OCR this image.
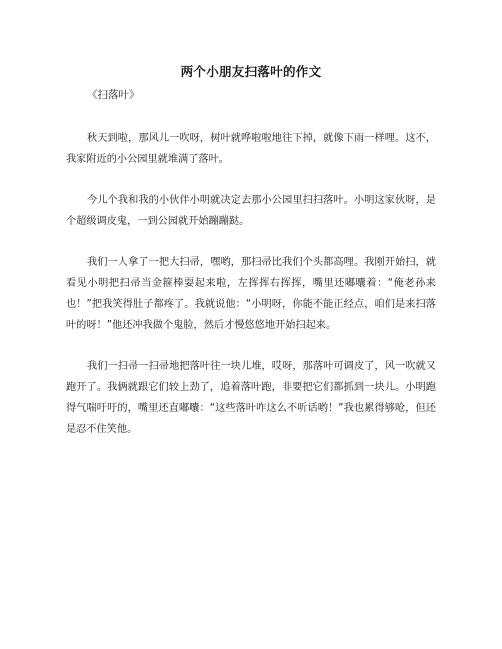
两个小朋友扫落叶的作文
《扫落叶》

秋天到啦，那风儿一吹呀，树叶就哗啦啦地往下掉，就像下雨一样哩。这不，我家附近的小公园里就堆满了落叶。

今儿个我和我的小伙伴小明就决定去那小公园里扫扫落叶。小明这家伙呀，是个超级调皮鬼，一到公园就开始蹦蹦跶。

我们一人拿了一把大扫帚，嘿哟，那扫帚比我们个头都高哩。我刚开始扫，就看见小明把扫帚当金箍棒耍起来啦，左挥挥右挥挥，嘴里还嘟囔着：“俺老孙来也！”把我笑得肚子都疼了。我就说他：“小明呀，你能不能正经点，咱们是来扫落叶的呀！”他还冲我做个鬼脸，然后才慢悠悠地开始扫起来。

我们一扫帚一扫帚地把落叶往一块儿堆，哎呀，那落叶可调皮了，风一吹就又跑开了。我俩就跟它们较上劲了，追着落叶跑，非要把它们都抓到一块儿。小明跑得气喘吁吁的，嘴里还直嘟囔：“这些落叶咋这么不听话哟！”我也累得够呛，但还是忍不住笑他。
